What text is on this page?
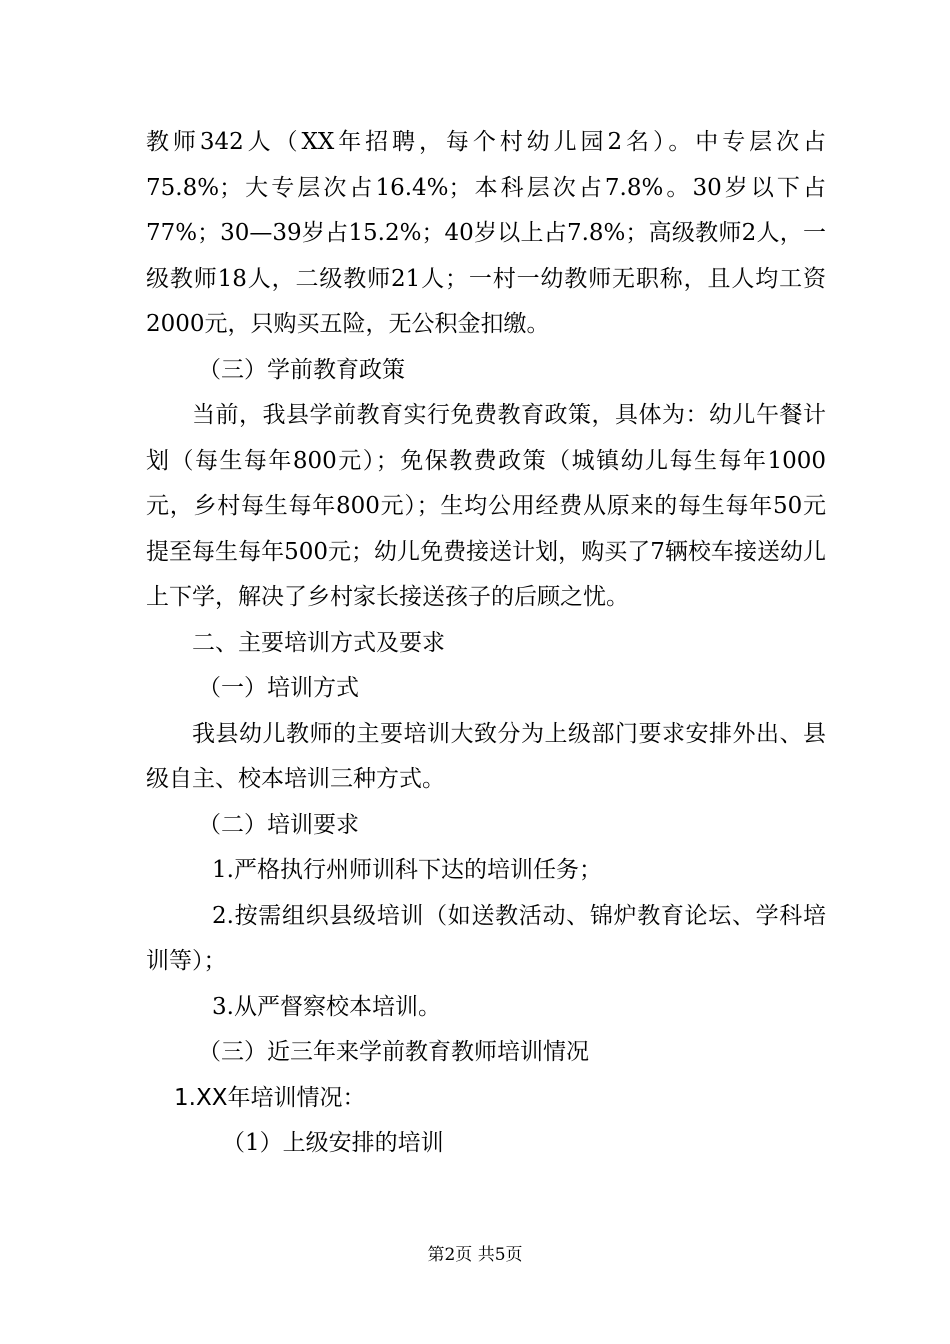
教师342人（XX年招聘，每个村幼儿园2名）。中专层次占75.8%；大专层次占16.4%；本科层次占7.8%。30岁以下占77%；30—39岁占15.2%；40岁以上占7.8%；高级教师2人，一级教师18人，二级教师21人；一村一幼教师无职称，且人均工资2000元，只购买五险，无公积金扣缴。

（三）学前教育政策

当前，我县学前教育实行免费教育政策，具体为：幼儿午餐计划（每生每年800元）；免保教费政策（城镇幼儿每生每年1000元，乡村每生每年800元）；生均公用经费从原来的每生每年50元提至每生每年500元；幼儿免费接送计划，购买了7辆校车接送幼儿上下学，解决了乡村家长接送孩子的后顾之忧。

二、主要培训方式及要求

（一）培训方式

我县幼儿教师的主要培训大致分为上级部门要求安排外出、县级自主、校本培训三种方式。

（二）培训要求

1.严格执行州师训科下达的培训任务；

2.按需组织县级培训（如送教活动、锦炉教育论坛、学科培训等）；

3.从严督察校本培训。

（三）近三年来学前教育教师培训情况

1.XX年培训情况：

（1）上级安排的培训

第2页 共5页
